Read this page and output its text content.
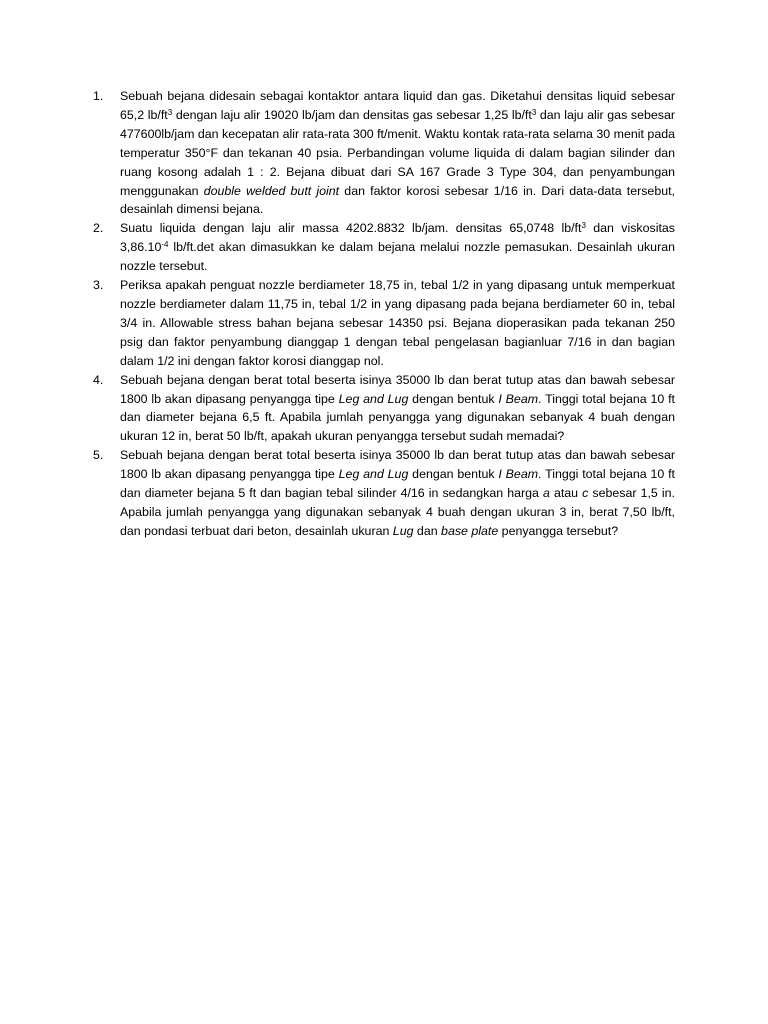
1.	Sebuah bejana didesain sebagai kontaktor antara liquid dan gas. Diketahui densitas liquid sebesar 65,2 $lb/ft^3$ dengan laju alir 19020 lb/jam dan densitas gas sebesar 1,25 $lb/ft^3$ dan laju alir gas sebesar 477600lb/jam dan kecepatan alir rata-rata 300 ft/menit. Waktu kontak rata-rata selama 30 menit pada temperatur 350°F dan tekanan 40 psia. Perbandingan volume liquida di dalam bagian silinder dan ruang kosong adalah 1 : 2. Bejana dibuat dari SA 167 Grade 3 Type 304, dan penyambungan menggunakan double welded butt joint dan faktor korosi sebesar 1/16 in. Dari data-data tersebut, desainlah dimensi bejana.
2.	Suatu liquida dengan laju alir massa 4202.8832 lb/jam. densitas 65,0748 $lb/ft^3$ dan viskositas $3,86.10^{-4}$ lb/ft.det akan dimasukkan ke dalam bejana melalui nozzle pemasukan. Desainlah ukuran nozzle tersebut.
3.	Periksa apakah penguat nozzle berdiameter 18,75 in, tebal 1/2 in yang dipasang untuk memperkuat nozzle berdiameter dalam 11,75 in, tebal 1/2 in yang dipasang pada bejana berdiameter 60 in, tebal 3/4 in. Allowable stress bahan bejana sebesar 14350 psi. Bejana dioperasikan pada tekanan 250 psig dan faktor penyambung dianggap 1 dengan tebal pengelasan bagianluar 7/16 in dan bagian dalam 1/2 ini dengan faktor korosi dianggap nol.
4.	Sebuah bejana dengan berat total beserta isinya 35000 lb dan berat tutup atas dan bawah sebesar 1800 lb akan dipasang penyangga tipe Leg and Lug dengan bentuk I Beam. Tinggi total bejana 10 ft dan diameter bejana 6,5 ft. Apabila jumlah penyangga yang digunakan sebanyak 4 buah dengan ukuran 12 in, berat 50 lb/ft, apakah ukuran penyangga tersebut sudah memadai?
5.	Sebuah bejana dengan berat total beserta isinya 35000 lb dan berat tutup atas dan bawah sebesar 1800 lb akan dipasang penyangga tipe Leg and Lug dengan bentuk I Beam. Tinggi total bejana 10 ft dan diameter bejana 5 ft dan bagian tebal silinder 4/16 in sedangkan harga a atau c sebesar 1,5 in. Apabila jumlah penyangga yang digunakan sebanyak 4 buah dengan ukuran 3 in, berat 7,50 lb/ft, dan pondasi terbuat dari beton, desainlah ukuran Lug dan base plate penyangga tersebut?
